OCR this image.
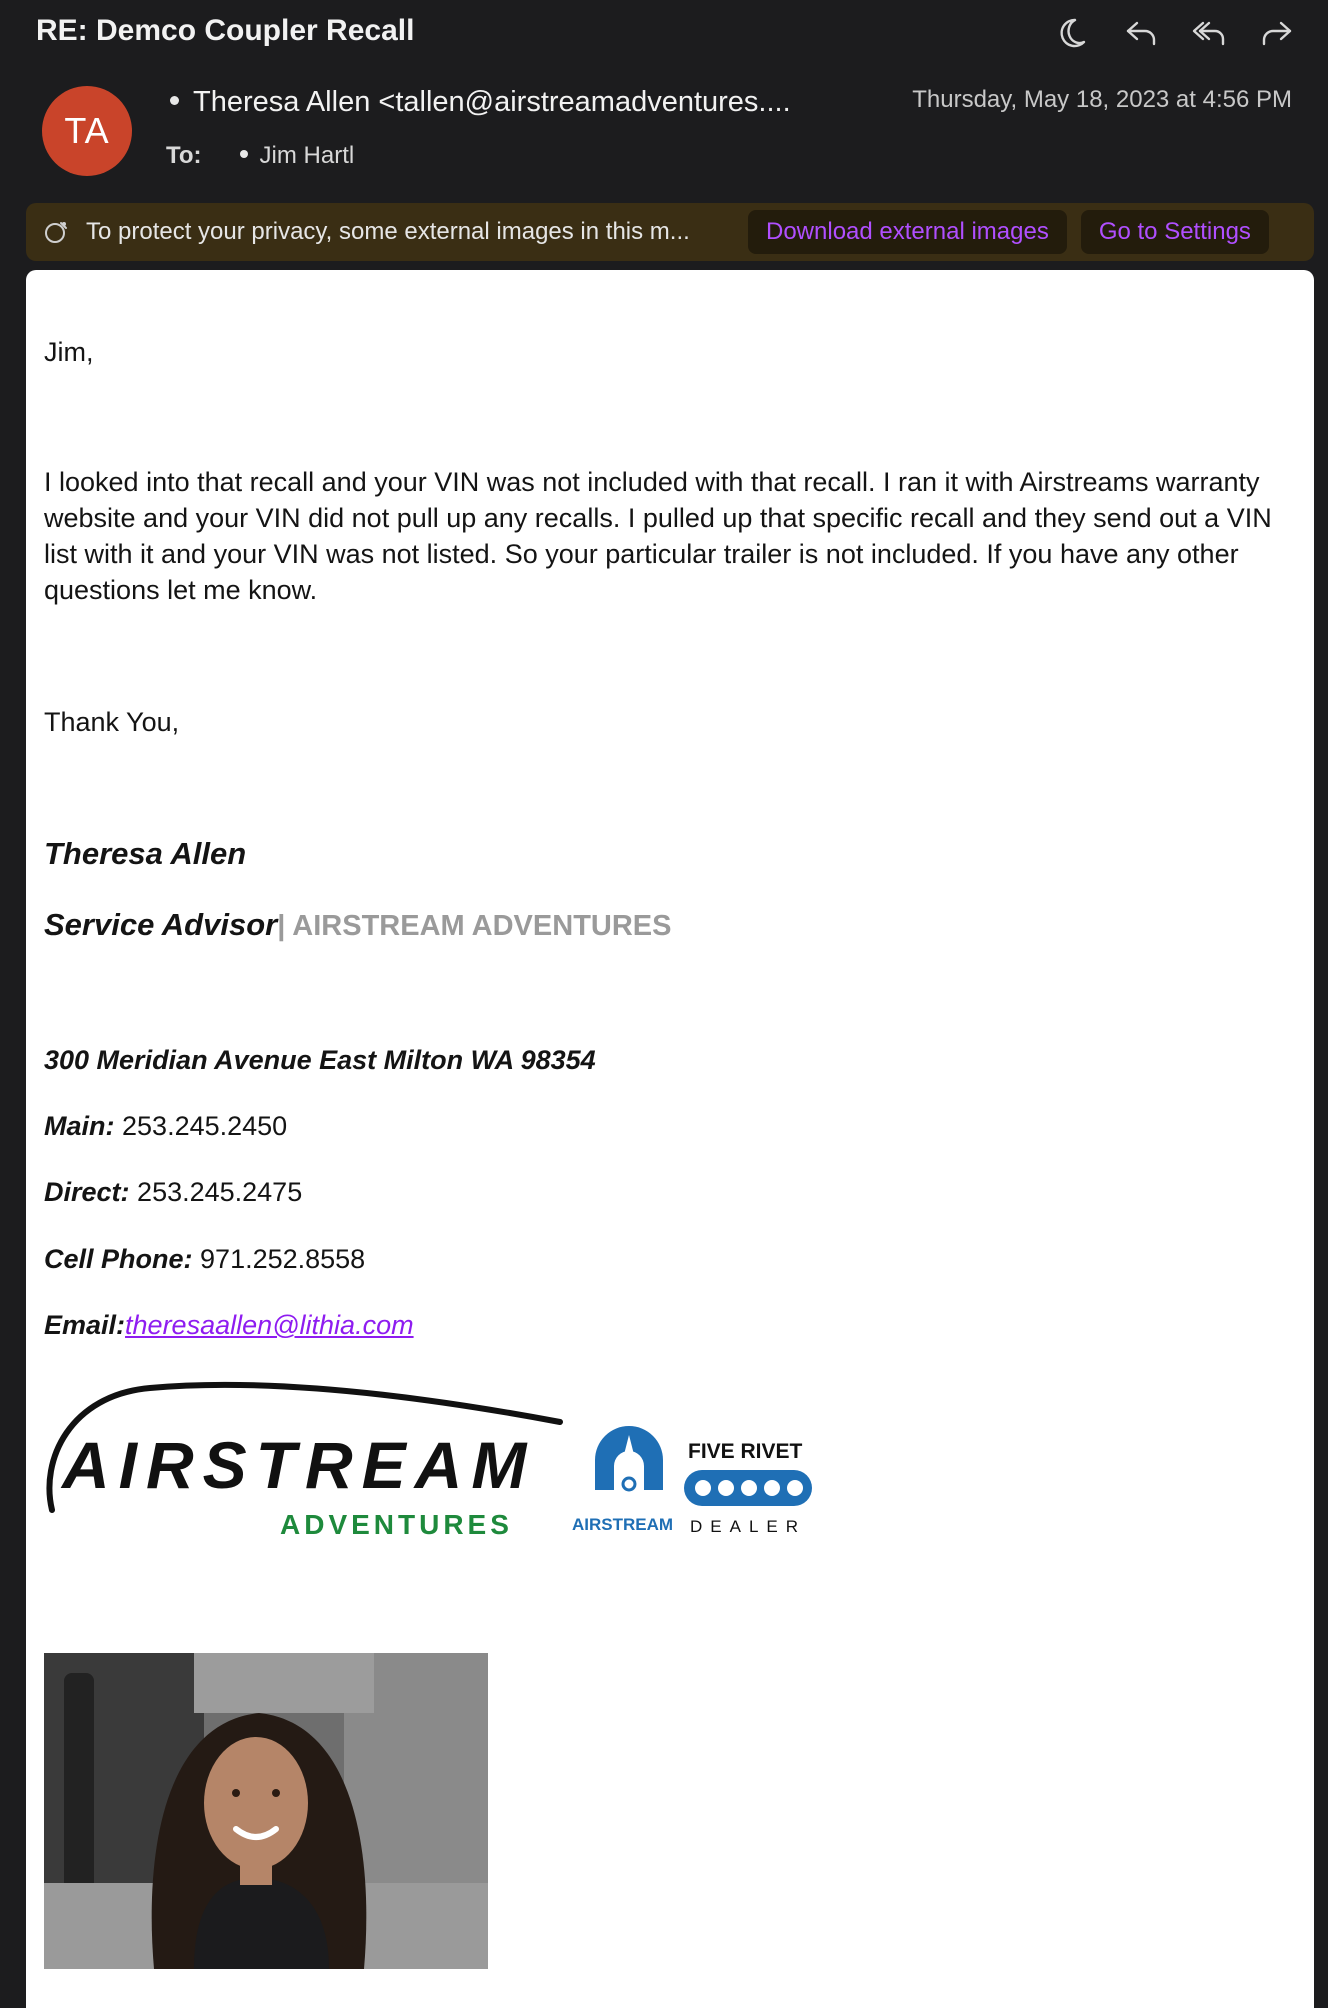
RE: Demco Coupler Recall
TA
Theresa Allen <tallen@airstreamadventures....	Thursday, May 18, 2023 at 4:56 PM
To: Jim Hartl
To protect your privacy, some external images in this m...	Download external images	Go to Settings
Jim,
I looked into that recall and your VIN was not included with that recall. I ran it with Airstreams warranty website and your VIN did not pull up any recalls. I pulled up that specific recall and they send out a VIN list with it and your VIN was not listed. So your particular trailer is not included. If you have any other questions let me know.
Thank You,
Theresa Allen
Service Advisor| AIRSTREAM ADVENTURES
300 Meridian Avenue East Milton WA 98354
Main: 253.245.2450
Direct: 253.245.2475
Cell Phone: 971.252.8558
Email:theresaallen@lithia.com
AIRSTREAM
ADVENTURES	AIRSTREAM
FIVE RIVET
DEALER
